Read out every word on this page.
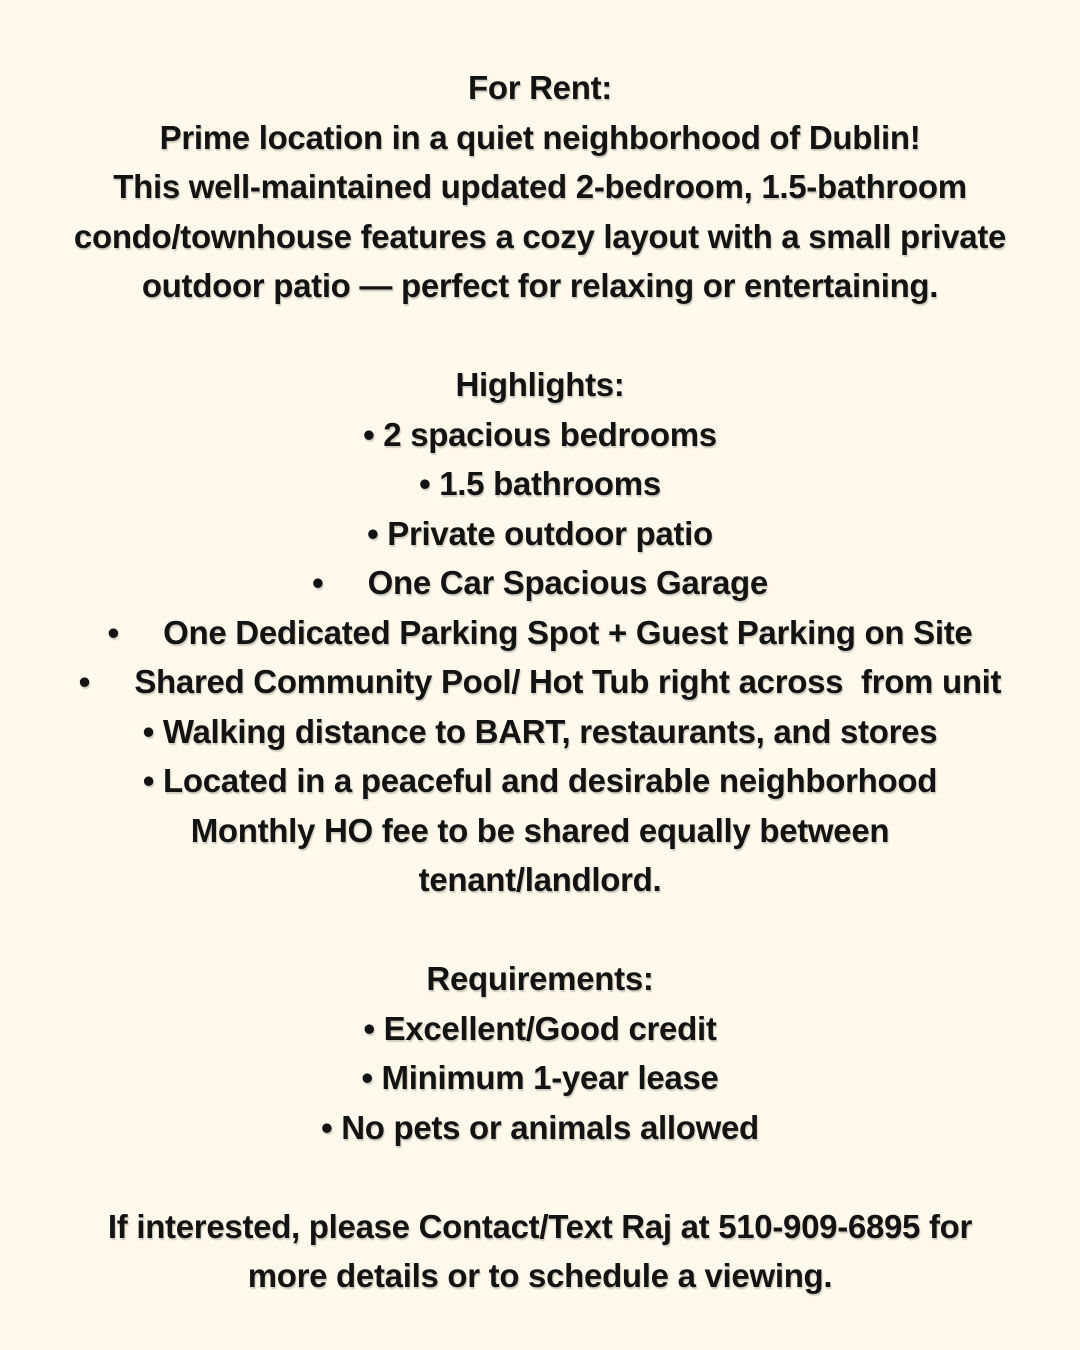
For Rent:
Prime location in a quiet neighborhood of Dublin!
This well-maintained updated 2-bedroom, 1.5-bathroom
condo/townhouse features a cozy layout with a small private
outdoor patio — perfect for relaxing or entertaining.
Highlights:
• 2 spacious bedrooms
• 1.5 bathrooms
• Private outdoor patio
•     One Car Spacious Garage
•     One Dedicated Parking Spot + Guest Parking on Site
•     Shared Community Pool/ Hot Tub right across  from unit
• Walking distance to BART, restaurants, and stores
• Located in a peaceful and desirable neighborhood
Monthly HO fee to be shared equally between
tenant/landlord.
Requirements:
• Excellent/Good credit
• Minimum 1-year lease
• No pets or animals allowed
If interested, please Contact/Text Raj at 510-909-6895 for
more details or to schedule a viewing.
